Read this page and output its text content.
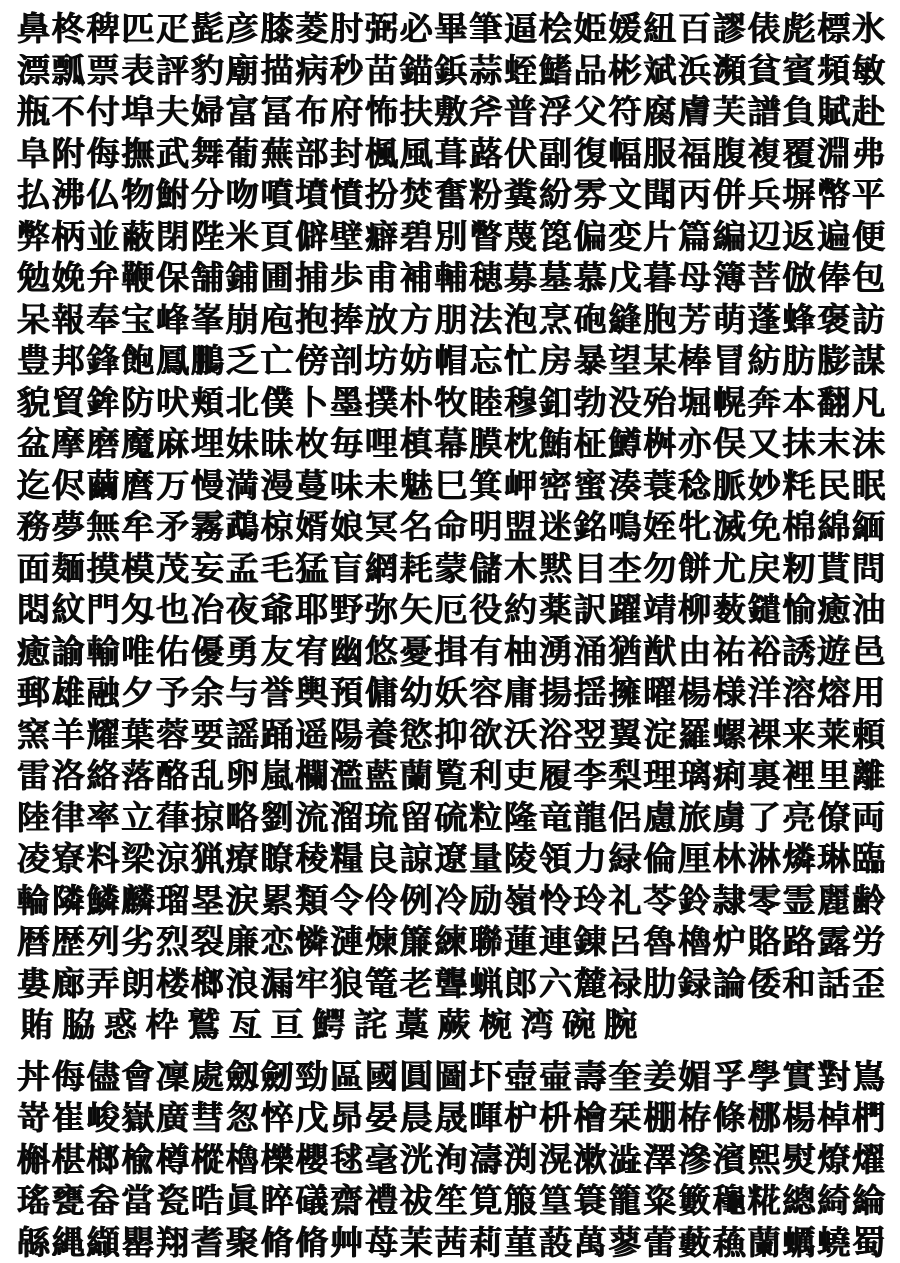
鼻 柊 稗 匹 疋 髭 彦 膝 菱 肘 弼 必 畢 筆 逼 桧 姫 媛 紐 百 謬 俵 彪 標 氷
漂 瓢 票 表 評 豹 廟 描 病 秒 苗 錨 鋲 蒜 蛭 鰭 品 彬 斌 浜 瀕 貧 賓 頻 敏
瓶 不 付 埠 夫 婦 富 冨 布 府 怖 扶 敷 斧 普 浮 父 符 腐 膚 芙 譜 負 賦 赴
阜 附 侮 撫 武 舞 葡 蕪 部 封 楓 風 葺 蕗 伏 副 復 幅 服 福 腹 複 覆 淵 弗
払 沸 仏 物 鮒 分 吻 噴 墳 憤 扮 焚 奮 粉 糞 紛 雰 文 聞 丙 併 兵 塀 幣 平
弊 柄 並 蔽 閉 陛 米 頁 僻 壁 癖 碧 別 瞥 蔑 箆 偏 変 片 篇 編 辺 返 遍 便
勉 娩 弁 鞭 保 舗 鋪 圃 捕 歩 甫 補 輔 穂 募 墓 慕 戊 暮 母 簿 菩 倣 俸 包
呆 報 奉 宝 峰 峯 崩 庖 抱 捧 放 方 朋 法 泡 烹 砲 縫 胞 芳 萌 蓬 蜂 褒 訪
豊 邦 鋒 飽 鳳 鵬 乏 亡 傍 剖 坊 妨 帽 忘 忙 房 暴 望 某 棒 冒 紡 肪 膨 謀
貌 貿 鉾 防 吠 頬 北 僕 卜 墨 撲 朴 牧 睦 穆 釦 勃 没 殆 堀 幌 奔 本 翻 凡
盆 摩 磨 魔 麻 埋 妹 昧 枚 毎 哩 槙 幕 膜 枕 鮪 柾 鱒 桝 亦 俣 又 抹 末 沫
迄 侭 繭 麿 万 慢 満 漫 蔓 味 未 魅 巳 箕 岬 密 蜜 湊 蓑 稔 脈 妙 粍 民 眠
務 夢 無 牟 矛 霧 鵡 椋 婿 娘 冥 名 命 明 盟 迷 銘 鳴 姪 牝 滅 免 棉 綿 緬
面 麺 摸 模 茂 妄 孟 毛 猛 盲 網 耗 蒙 儲 木 黙 目 杢 勿 餅 尤 戻 籾 貰 問
悶 紋 門 匁 也 冶 夜 爺 耶 野 弥 矢 厄 役 約 薬 訳 躍 靖 柳 薮 鑓 愉 癒 油
癒 諭 輸 唯 佑 優 勇 友 宥 幽 悠 憂 揖 有 柚 湧 涌 猶 猷 由 祐 裕 誘 遊 邑
郵 雄 融 夕 予 余 与 誉 輿 預 傭 幼 妖 容 庸 揚 揺 擁 曜 楊 様 洋 溶 熔 用
窯 羊 耀 葉 蓉 要 謡 踊 遥 陽 養 慾 抑 欲 沃 浴 翌 翼 淀 羅 螺 裸 来 莱 頼
雷 洛 絡 落 酪 乱 卵 嵐 欄 濫 藍 蘭 覧 利 吏 履 李 梨 理 璃 痢 裏 裡 里 離
陸 律 率 立 葎 掠 略 劉 流 溜 琉 留 硫 粒 隆 竜 龍 侶 慮 旅 虜 了 亮 僚 両
凌 寮 料 梁 涼 猟 療 瞭 稜 糧 良 諒 遼 量 陵 領 力 緑 倫 厘 林 淋 燐 琳 臨
輪 隣 鱗 麟 瑠 塁 涙 累 類 令 伶 例 冷 励 嶺 怜 玲 礼 苓 鈴 隷 零 霊 麗 齢
暦 歴 列 劣 烈 裂 廉 恋 憐 漣 煉 簾 練 聯 蓮 連 錬 呂 魯 櫓 炉 賂 路 露 労
婁 廊 弄 朗 楼 榔 浪 漏 牢 狼 篭 老 聾 蝋 郎 六 麓 禄 肋 録 論 倭 和 話 歪
賄 脇 惑 枠 鷲 亙 亘 鰐 詫 藁 蕨 椀 湾 碗 腕
丼 侮 儘 會 凜 處 劔 劒 勁 區 國 圓 圖 圷 壺 壷 壽 奎 姜 媚 孚 學 實 對 嶌
嵜 崔 峻 嶽 廣 彗 怱 悴 戊 昴 晏 晨 晟 暉 枦 枡 檜 栞 棚 栫 條 梛 楊 棹 椚
槲 椹 榔 楡 樽 樅 櫓 櫟 櫻 毬 毫 洸 洵 濤 渕 滉 漱 澁 澤 滲 濱 煕 熨 燎 燿
瑤 甕 畚 當 瓷 晧 眞 睟 礒 齋 禮 祓 笙 筧 箙 篁 簑 籠 粢 籔 龝 糀 總 綺 綸
緜 縄 纈 罌 翔 耆 聚 脩 脩 艸 苺 茉 茜 莉 菫 蔎 萬 蓼 蕾 藪 蘓 蘭 蠣 蟯 蜀
